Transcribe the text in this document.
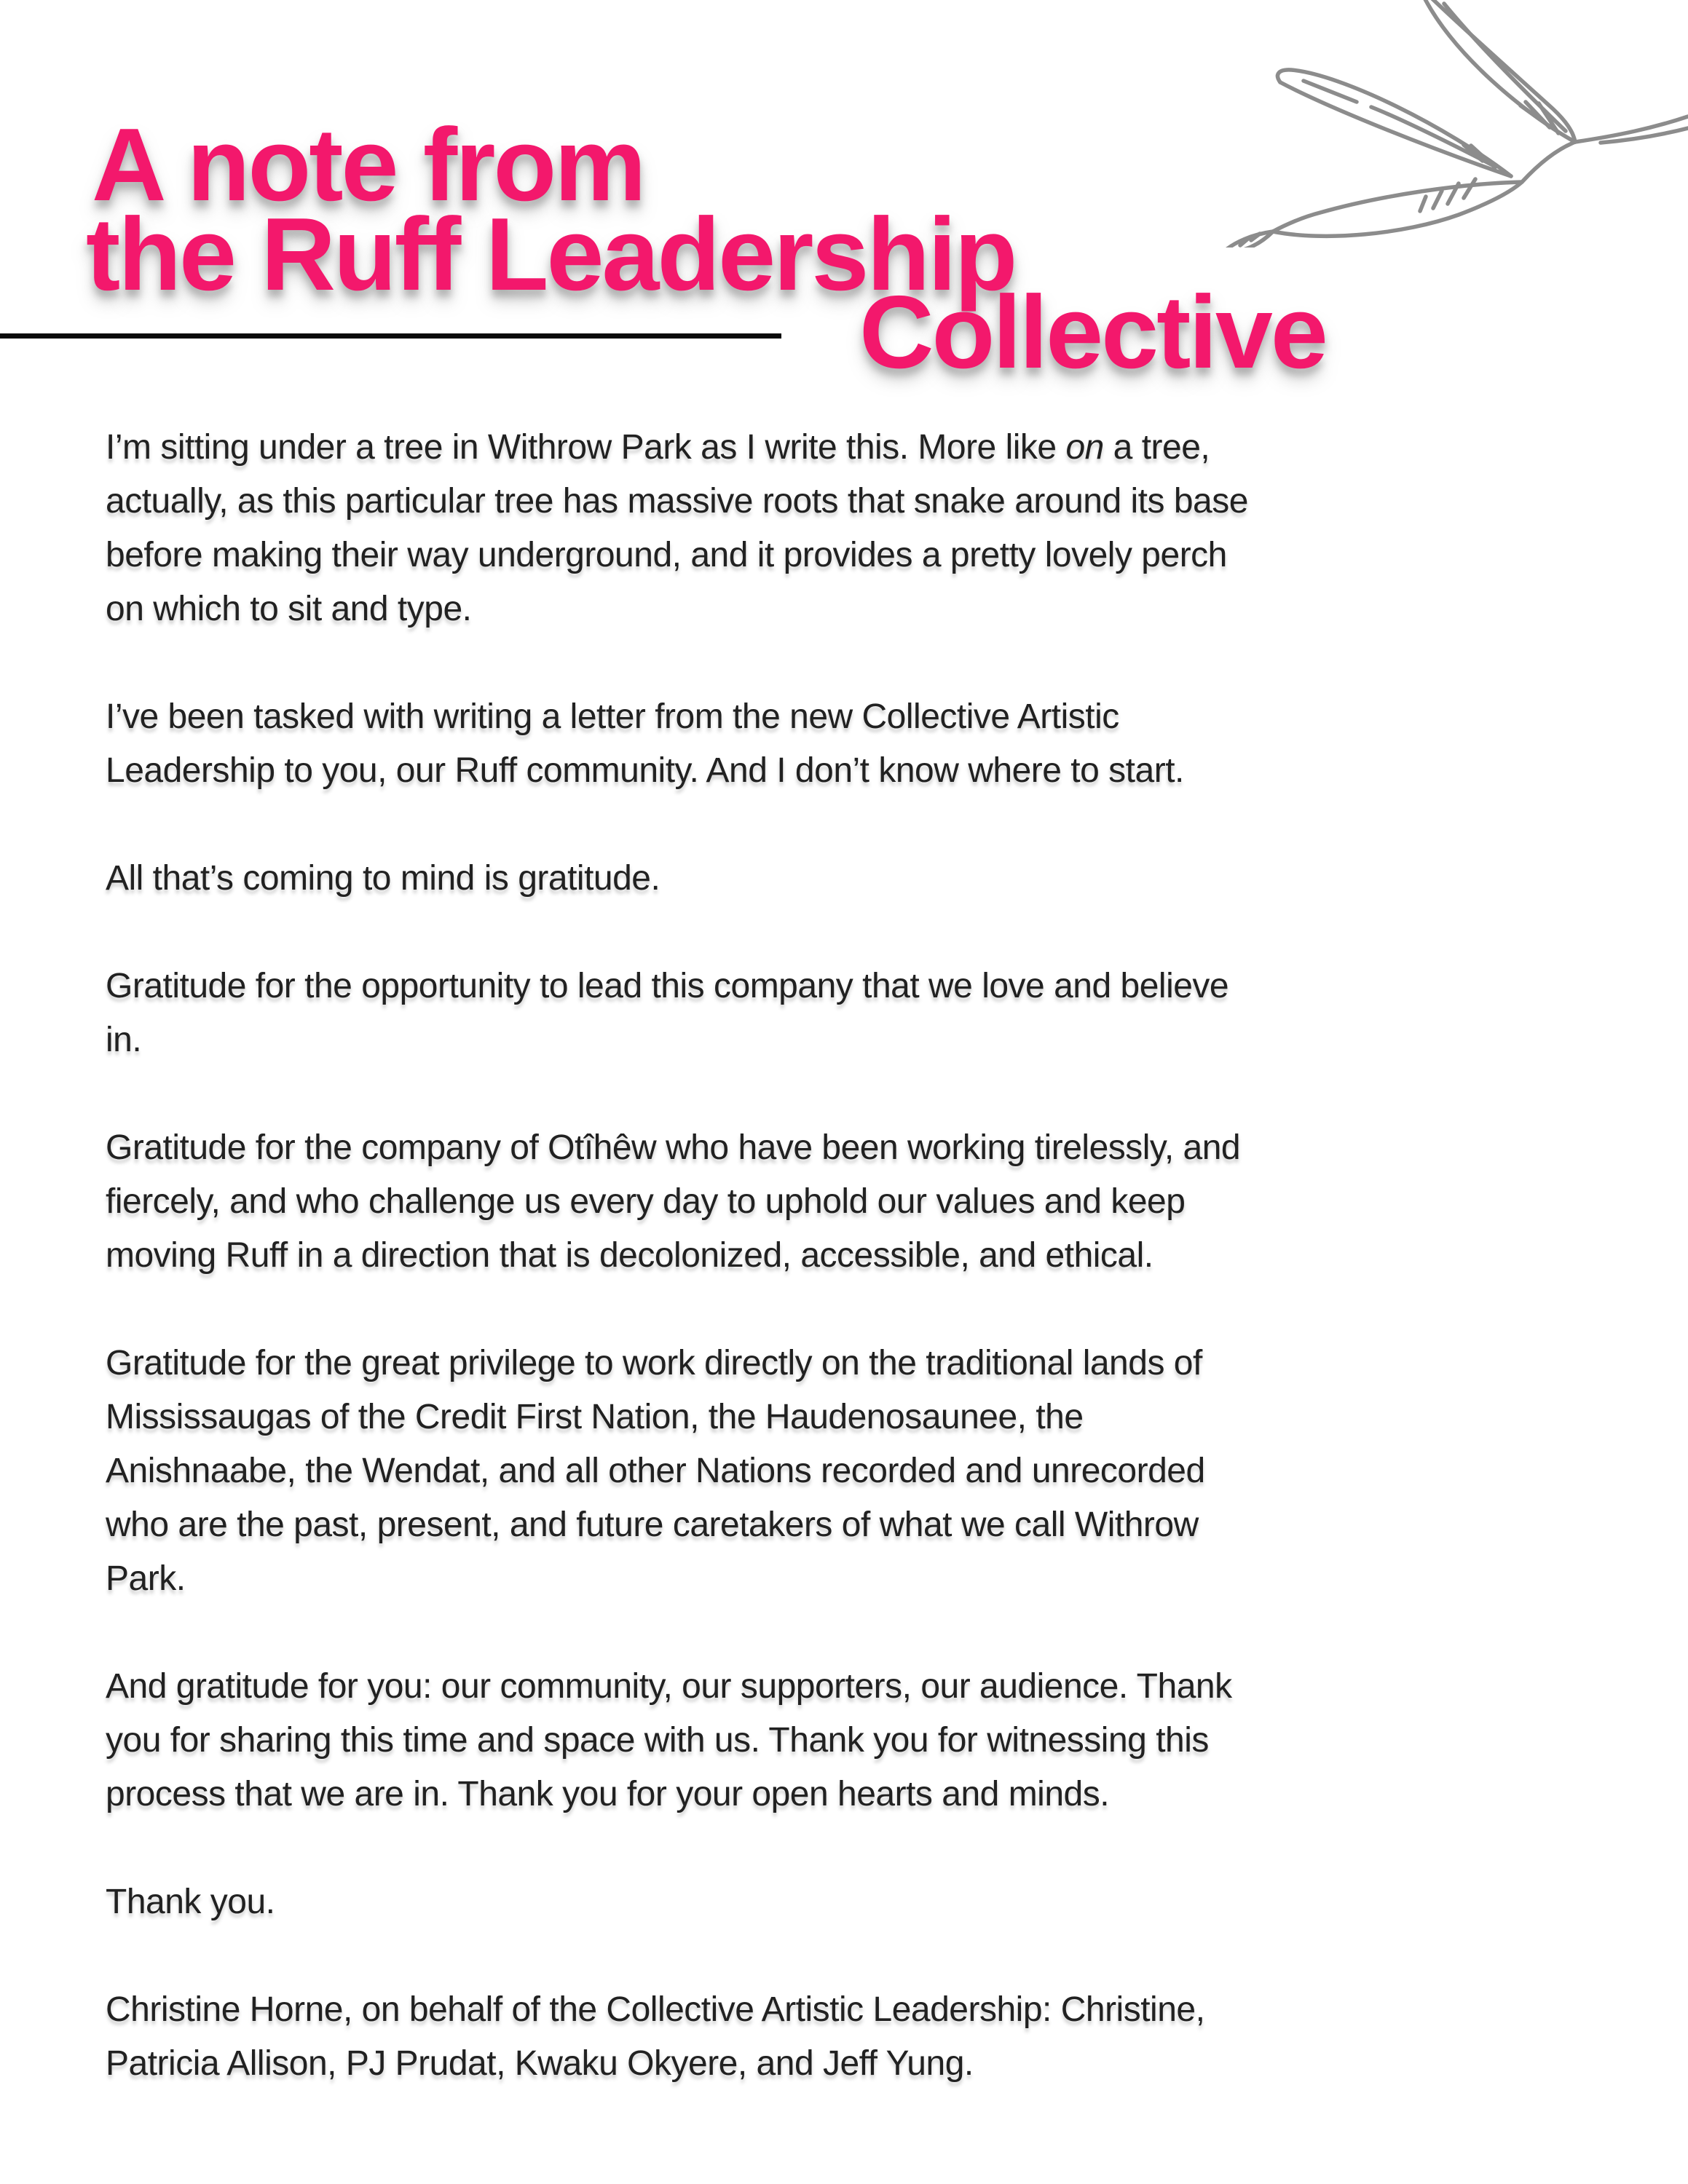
A note from
the Ruff Leadership
Collective

I’m sitting under a tree in Withrow Park as I write this. More like on a tree,
actually, as this particular tree has massive roots that snake around its base
before making their way underground, and it provides a pretty lovely perch
on which to sit and type.

I’ve been tasked with writing a letter from the new Collective Artistic
Leadership to you, our Ruff community. And I don’t know where to start.

All that’s coming to mind is gratitude.

Gratitude for the opportunity to lead this company that we love and believe
in.

Gratitude for the company of Otîhêw who have been working tirelessly, and
fiercely, and who challenge us every day to uphold our values and keep
moving Ruff in a direction that is decolonized, accessible, and ethical.

Gratitude for the great privilege to work directly on the traditional lands of
Mississaugas of the Credit First Nation, the Haudenosaunee, the
Anishnaabe, the Wendat, and all other Nations recorded and unrecorded
who are the past, present, and future caretakers of what we call Withrow
Park.

And gratitude for you: our community, our supporters, our audience. Thank
you for sharing this time and space with us. Thank you for witnessing this
process that we are in. Thank you for your open hearts and minds.

Thank you.

Christine Horne, on behalf of the Collective Artistic Leadership: Christine,
Patricia Allison, PJ Prudat, Kwaku Okyere, and Jeff Yung.
